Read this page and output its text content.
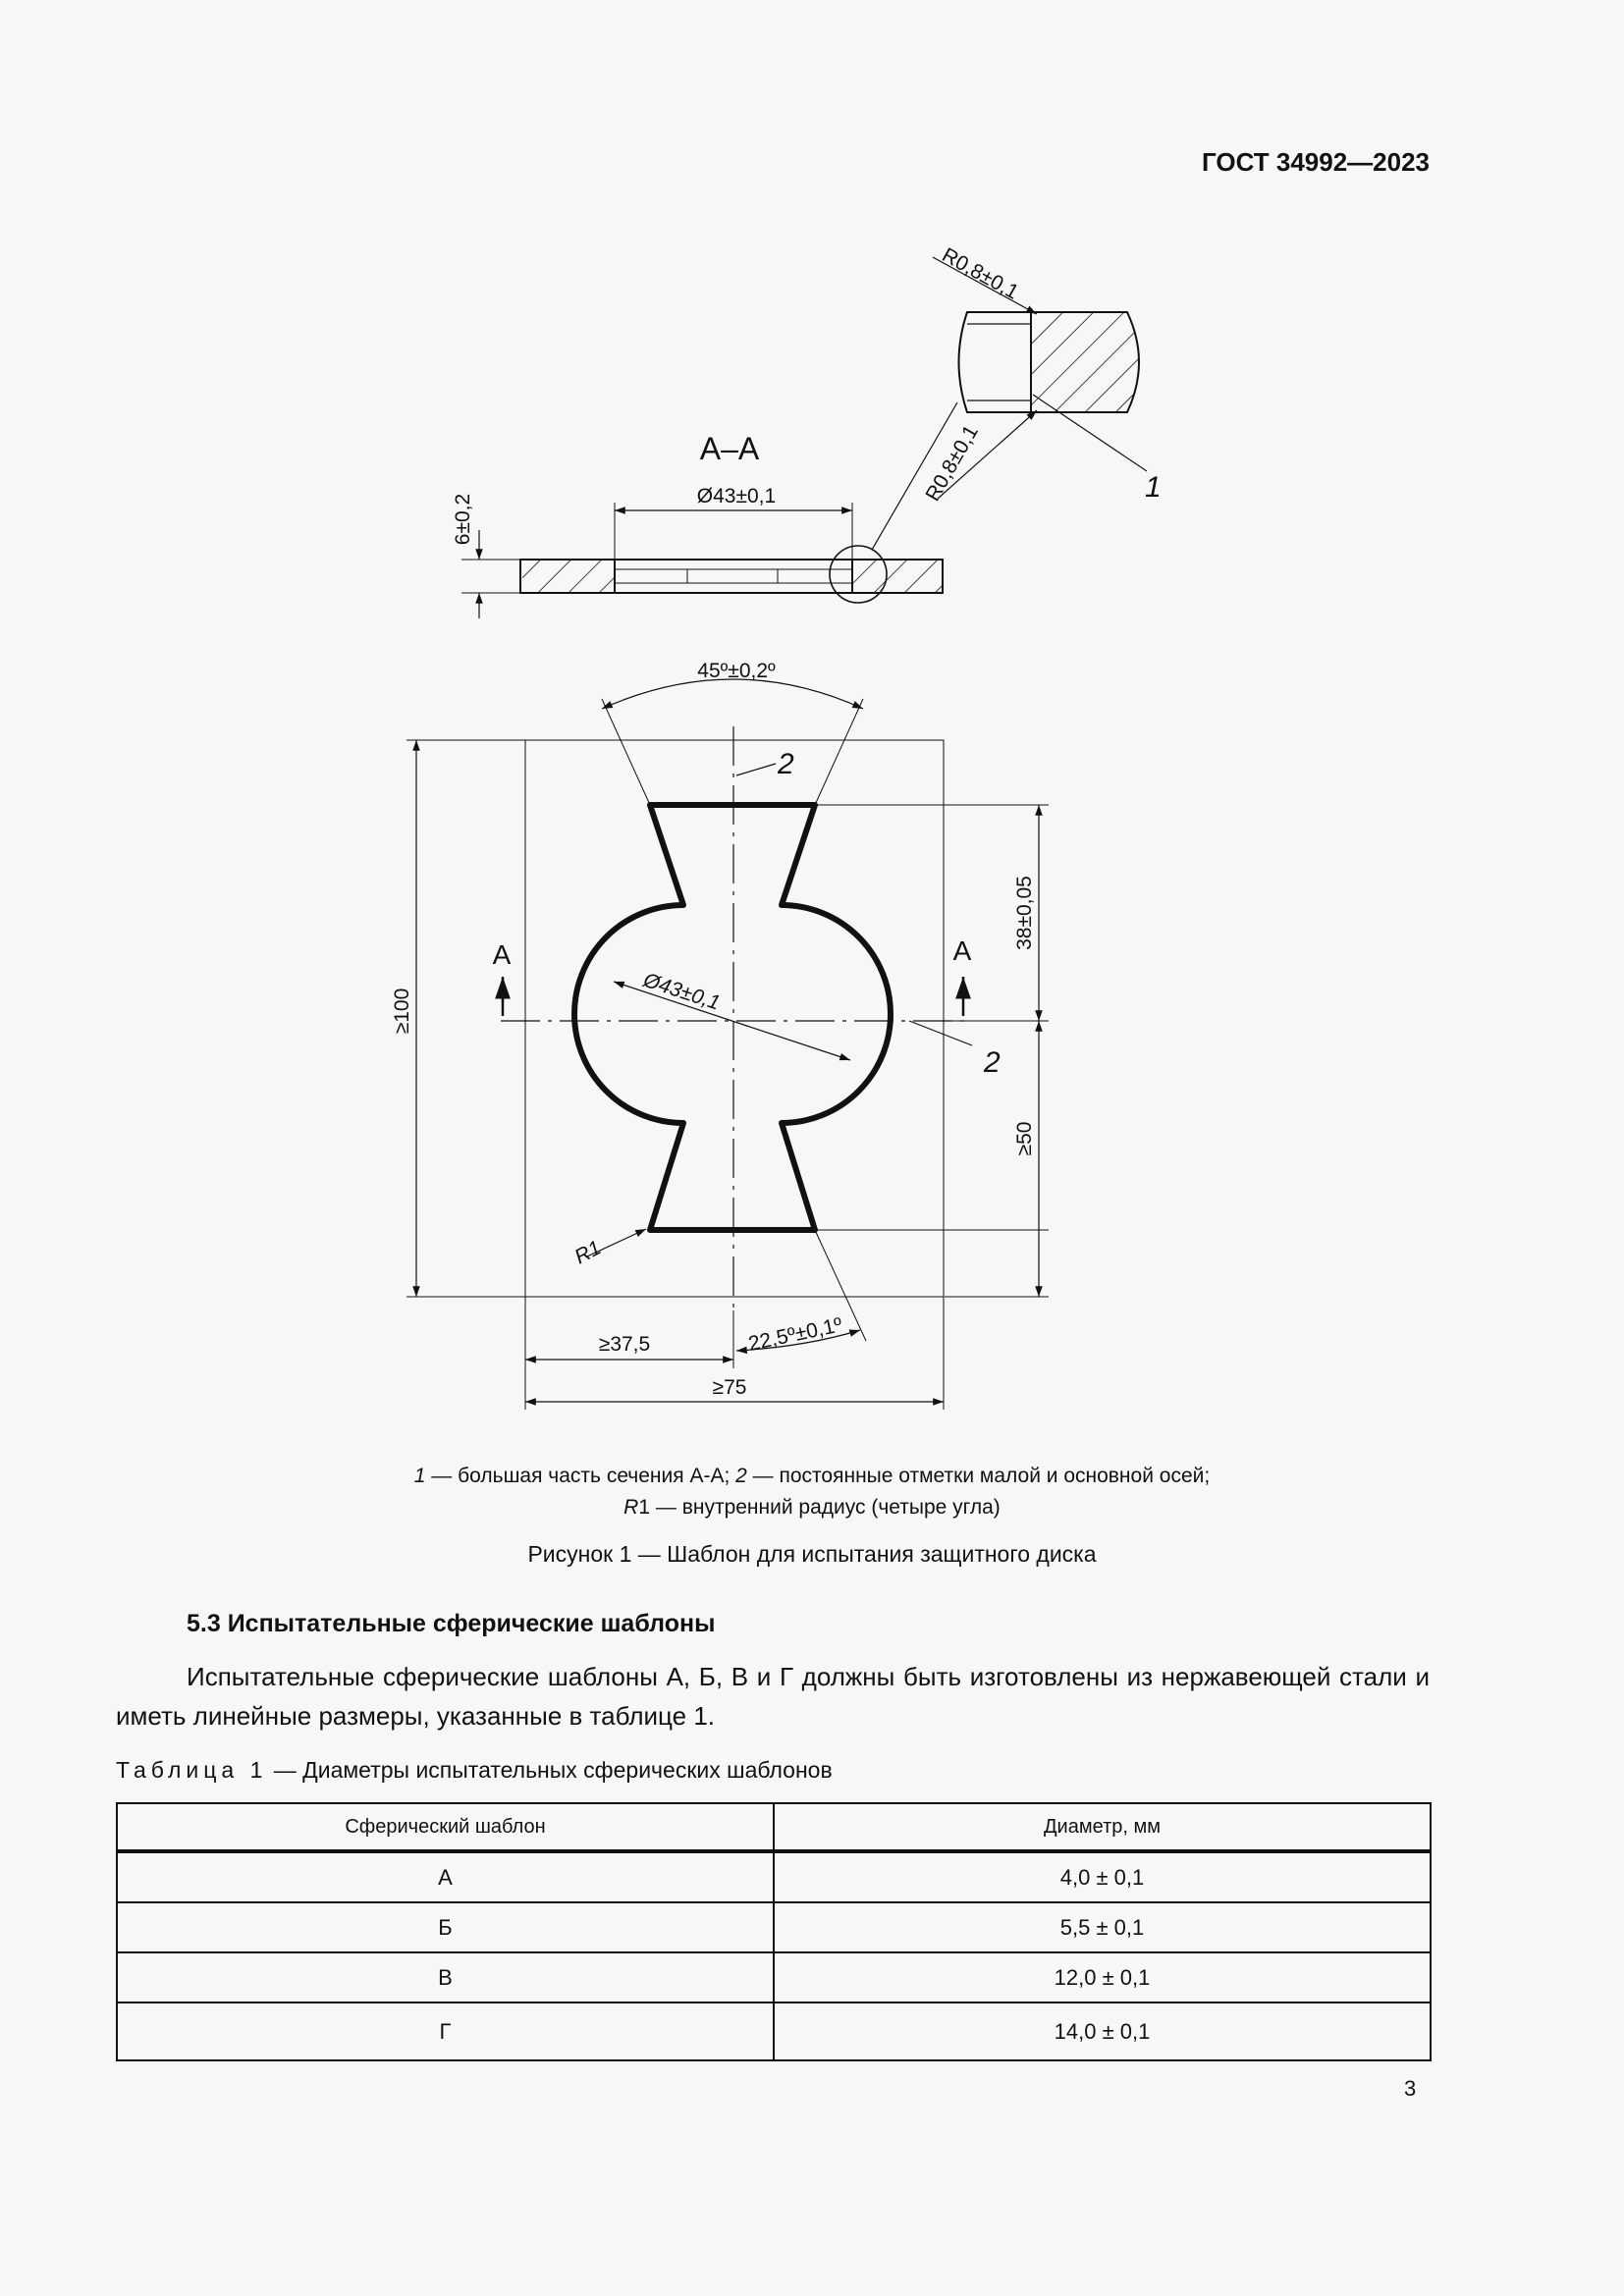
ГОСТ 34992—2023
А–А
6±0,2	Ø43±0,1
R0,8±0,1
R0,8±0,1	1
45º±0,2º
2
2
38±0,05
≥50
≥100
А	А
Ø43±0,1
R1
≥37,5	22,5º±0,1º
≥75
1 — большая часть сечения А-А; 2 — постоянные отметки малой и основной осей;
R1 — внутренний радиус (четыре угла)
Рисунок 1 — Шаблон для испытания защитного диска
5.3 Испытательные сферические шаблоны
Испытательные сферические шаблоны А, Б, В и Г должны быть изготовлены из нержавеющей стали и иметь линейные размеры, указанные в таблице 1.
Таблица 1 — Диаметры испытательных сферических шаблонов
Сферический шаблон	Диаметр, мм
А	4,0 ± 0,1
Б	5,5 ± 0,1
В	12,0 ± 0,1
Г	14,0 ± 0,1
3
